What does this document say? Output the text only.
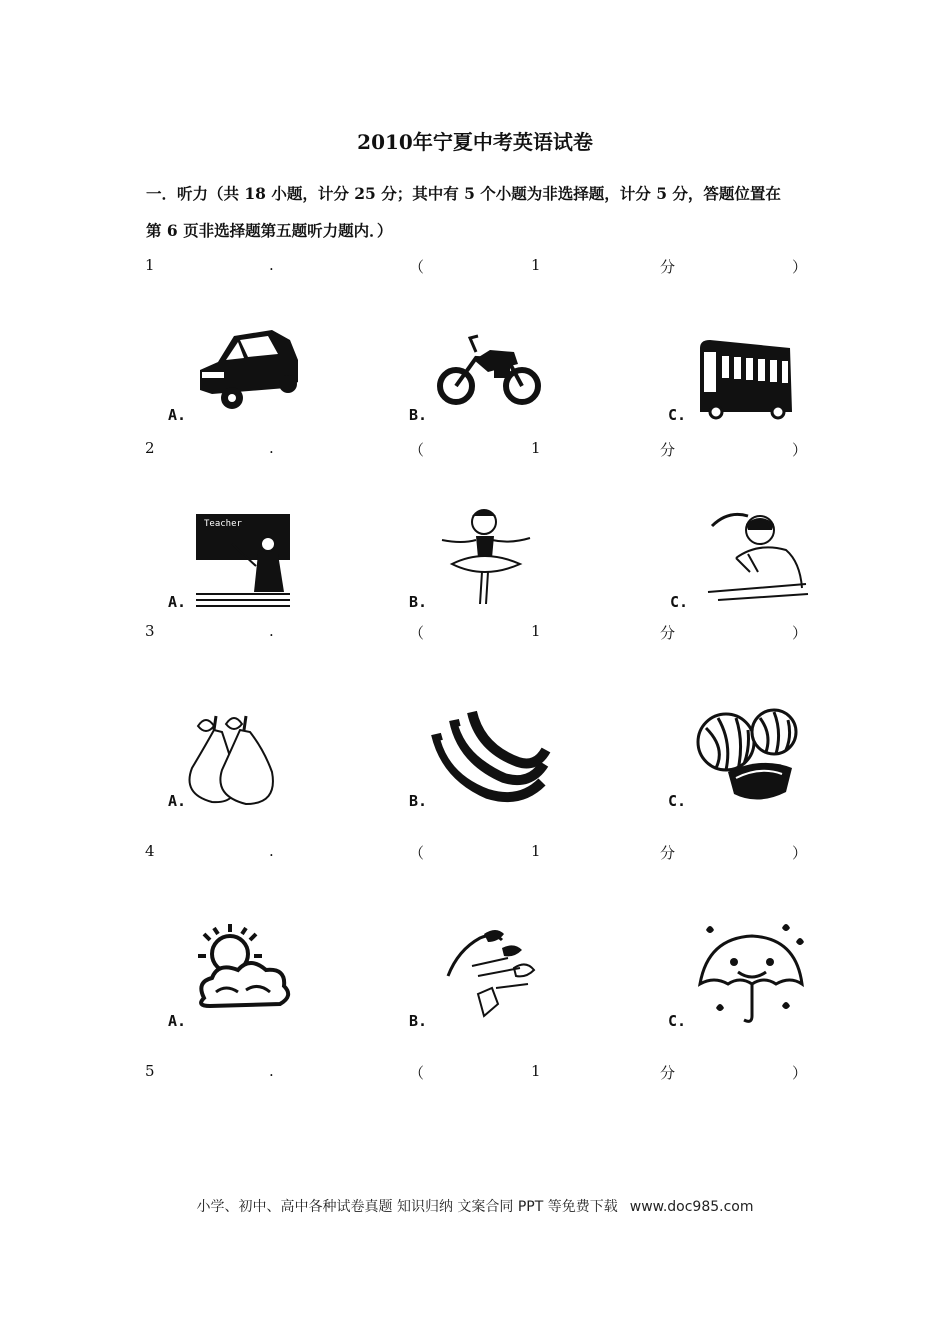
2010年宁夏中考英语试卷
一．听力（共 18 小题，计分 25 分；其中有 5 个小题为非选择题，计分 5 分，答题位置在
第 6 页非选择题第五题听力题内．）
1	.	（	1	分	）
A.	B.	C.
2	.	（	1	分	）
Teacher
A.	B.	C.
3	.	（	1	分	）
A.	B.	C.
4	.	（	1	分	）
A.	B.	C.
5	.	（	1	分	）
小学、初中、高中各种试卷真题 知识归纳 文案合同 PPT 等免费下载 www.doc985.com
